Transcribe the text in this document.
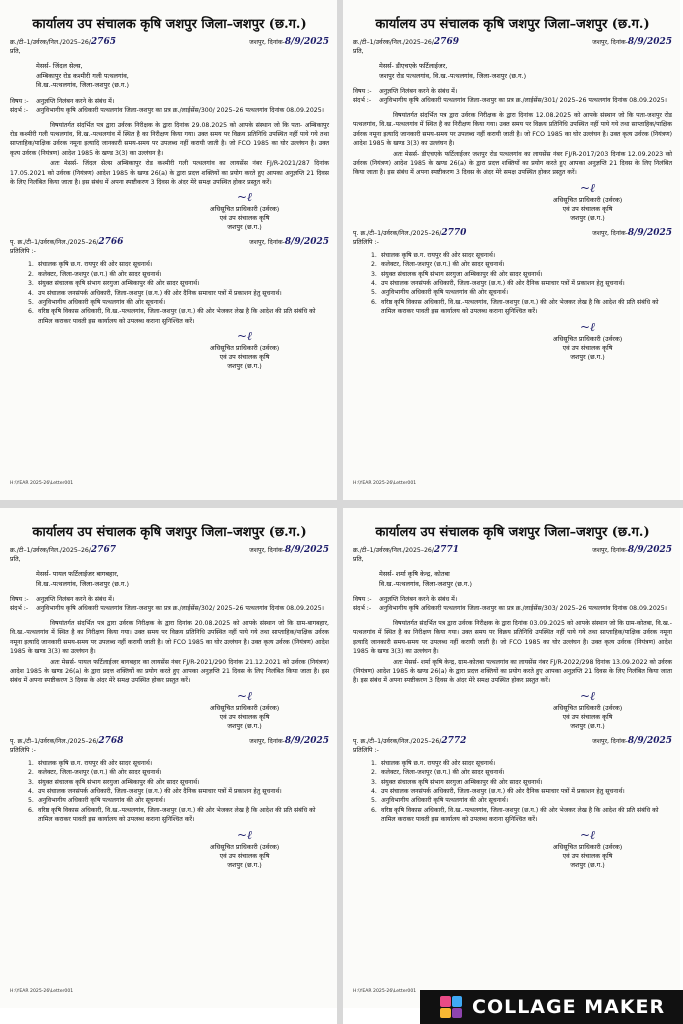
कार्यालय उप संचालक कृषि जशपुर जिला–जशपुर (छ.ग.)
क्र./टी–1/उर्वरक/निल./2025–26/2765	जशपुर, दिनांक-8/9/2025
प्रति,
मेसर्स- जिंदल सेल्स,
अम्बिकापुर रोड कश्मीरी गली पत्थलगांव,
वि.ख.-पत्थलगांव, जिला-जशपुर (छ.ग.)
विषय :-	अनुज्ञप्ति निलंबन करने के संबंध में।
संदर्भ :-	अनुविभागीय कृषि अधिकारी पत्थलगांव जिला-जशपुर का प्रत्र क्र./लाईसेंस/300/ 2025–26 पत्थलगांव दिनांक 08.09.2025।

विषयांतर्गत संदर्भित पत्र द्वारा उर्वरक निरीक्षक के द्वारा दिनांक 29.08.2025 को आपके संस्थान जो कि पता- अम्बिकापुर रोड कश्मीरी गली पत्थलगांव, वि.ख.-पत्थलगांव में स्थित है का निरीक्षण किया गया। उक्त समय पर विक्रय प्रतिनिधि उपस्थित नहीं पाये गये तथा साप्ताहिक/पाक्षिक उर्वरक नमूना इत्यादि जानकारी समय-समय पर उपलब्ध नहीं करायी जाती है। जो FCO 1985 का घोर उल्लंघन है। उक्त कृत्य उर्वरक (नियंत्रण) आदेश 1985 के खण्ड 3(3) का उल्लंघन है।

अतः मेसर्स- जिंदल सेल्स अम्बिकापुर रोड कश्मीरी गली पत्थलगांव का लायसेंस नंबर FJ/R-2021/287 दिनांक 17.05.2021 को उर्वरक (नियंत्रण) आदेश 1985 के खण्ड 26(a) के द्वारा प्रदत्त शक्तियों का प्रयोग करते हुए आपका अनुज्ञप्ति 21 दिवस के लिए निलंबित किया जाता है। इस संबंध में अपना स्पष्टीकरण 3 दिवस के अंदर मेरे समक्ष उपस्थित होकर प्रस्तुत करें।

~ℓ
अधिसूचित प्राधिकारी (उर्वरक)
एवं उप संचालक कृषि
जशपुर (छ.ग.)
पृ. क्र./टी–1/उर्वरक/निल./2025–26/2766	जशपुर, दिनांक-8/9/2025
प्रतिलिपि :-
1. संचालक कृषि छ.ग. रायपुर की ओर सादर सूचनार्थ।
2. कलेक्टर, जिला-जशपुर (छ.ग.) की ओर सादर सूचनार्थ।
3. संयुक्त संचालक कृषि संभाग सरगुजा अम्बिकापुर की ओर सादर सूचनार्थ।
4. उप संचालक जनसंपर्क अधिकारी, जिला-जशपुर (छ.ग.) की ओर दैनिक समाचार पत्रों में प्रकाशन हेतु सूचनार्थ।
5. अनुविभागीय अधिकारी कृषि पत्थलगांव की ओर सूचनार्थ।
6. वरिष्ठ कृषि विकास अधिकारी, वि.ख.-पत्थलगांव, जिला-जशपुर (छ.ग.) की ओर भेजकर लेख है कि आदेश की प्रति संबंधि को तामिल कराकर पावती इस कार्यालय को उपलब्ध कराना सुनिश्चित करें।
~ℓ
अधिसूचित प्राधिकारी (उर्वरक)
एवं उप संचालक कृषि
जशपुर (छ.ग.)
H:\YEAR 2025-26\Letter001
कार्यालय उप संचालक कृषि जशपुर जिला–जशपुर (छ.ग.)
क्र./टी–1/उर्वरक/निल./2025–26/2769	जशपुर, दिनांक-8/9/2025
प्रति,
मेसर्स- डीएचएके फर्टिलाईजर,
जशपुर रोड पत्थलगांव, वि.ख.-पत्थलगांव, जिला-जशपुर (छ.ग.)
विषय :-	अनुज्ञप्ति निलंबन करने के संबंध में।
संदर्भ :-	अनुविभागीय कृषि अधिकारी पत्थलगांव जिला-जशपुर का प्रत्र क्र./लाईसेंस/301/ 2025–26 पत्थलगांव दिनांक 08.09.2025।

विषयांतर्गत संदर्भित पत्र द्वारा उर्वरक निरीक्षक के द्वारा दिनांक 12.08.2025 को आपके संस्थान जो कि पता-जशपुर रोड पत्थलगांव, वि.ख.-पत्थलगांव में स्थित है का निरीक्षण किया गया। उक्त समय पर विक्रय प्रतिनिधि उपस्थित नहीं पाये गये तथा साप्ताहिक/पाक्षिक उर्वरक नमूना इत्यादि जानकारी समय-समय पर उपलब्ध नहीं करायी जाती है। जो FCO 1985 का घोर उल्लंघन है। उक्त कृत्य उर्वरक (नियंत्रण) आदेश 1985 के खण्ड 3(3) का उल्लंघन है।

अतः मेसर्स- डीएचएके फर्टिलाईजर जशपुर रोड पत्थलगांव का लायसेंस नंबर FJ/R-2017/203 दिनांक 12.09.2023 को उर्वरक (नियंत्रण) आदेश 1985 के खण्ड 26(a) के द्वारा प्रदत्त शक्तियों का प्रयोग करते हुए आपका अनुज्ञप्ति 21 दिवस के लिए निलंबित किया जाता है। इस संबंध में अपना स्पष्टीकरण 3 दिवस के अंदर मेरे समक्ष उपस्थित होकर प्रस्तुत करें।

~ℓ
अधिसूचित प्राधिकारी (उर्वरक)
एवं उप संचालक कृषि
जशपुर (छ.ग.)
पृ. क्र./टी–1/उर्वरक/निल./2025–26/2770	जशपुर, दिनांक-8/9/2025
प्रतिलिपि :-
1. संचालक कृषि छ.ग. रायपुर की ओर सादर सूचनार्थ।
2. कलेक्टर, जिला-जशपुर (छ.ग.) की ओर सादर सूचनार्थ।
3. संयुक्त संचालक कृषि संभाग सरगुजा अम्बिकापुर की ओर सादर सूचनार्थ।
4. उप संचालक जनसंपर्क अधिकारी, जिला-जशपुर (छ.ग.) की ओर दैनिक समाचार पत्रों में प्रकाशन हेतु सूचनार्थ।
5. अनुविभागीय अधिकारी कृषि पत्थलगांव की ओर सूचनार्थ।
6. वरिष्ठ कृषि विकास अधिकारी, वि.ख.-पत्थलगांव, जिला-जशपुर (छ.ग.) की ओर भेजकर लेख है कि आदेश की प्रति संबंधि को तामिल कराकर पावती इस कार्यालय को उपलब्ध कराना सुनिश्चित करें।
~ℓ
अधिसूचित प्राधिकारी (उर्वरक)
एवं उप संचालक कृषि
जशपुर (छ.ग.)
H:\YEAR 2025-26\Letter001
कार्यालय उप संचालक कृषि जशपुर जिला–जशपुर (छ.ग.)
क्र./टी–1/उर्वरक/निल./2025–26/2767	जशपुर, दिनांक-8/9/2025
प्रति,
मेसर्स- पायल फर्टिलाईजर बागबहार,
वि.ख.-पत्थलगांव, जिला-जशपुर (छ.ग.)
विषय :-	अनुज्ञप्ति निलंबन करने के संबंध में।
संदर्भ :-	अनुविभागीय कृषि अधिकारी पत्थलगांव जिला-जशपुर का प्रत्र क्र./लाईसेंस/302/ 2025–26 पत्थलगांव दिनांक 08.09.2025।

विषयांतर्गत संदर्भित पत्र द्वारा उर्वरक निरीक्षक के द्वारा दिनांक 20.08.2025 को आपके संस्थान जो कि ग्राम-बागबहार, वि.ख.-पत्थलगांव में स्थित है का निरीक्षण किया गया। उक्त समय पर विक्रय प्रतिनिधि उपस्थित नहीं पाये गये तथा साप्ताहिक/पाक्षिक उर्वरक नमूना इत्यादि जानकारी समय-समय पर उपलब्ध नहीं करायी जाती है। जो FCO 1985 का घोर उल्लंघन है। उक्त कृत्य उर्वरक (नियंत्रण) आदेश 1985 के खण्ड 3(3) का उल्लंघन है।

अतः मेसर्स- पायल फर्टिलाईजर बागबहार का लायसेंस नंबर FJ/R-2021/290 दिनांक 21.12.2021 को उर्वरक (नियंत्रण) आदेश 1985 के खण्ड 26(a) के द्वारा प्रदत्त शक्तियों का प्रयोग करते हुए आपका अनुज्ञप्ति 21 दिवस के लिए निलंबित किया जाता है। इस संबंध में अपना स्पष्टीकरण 3 दिवस के अंदर मेरे समक्ष उपस्थित होकर प्रस्तुत करें।

~ℓ
अधिसूचित प्राधिकारी (उर्वरक)
एवं उप संचालक कृषि
जशपुर (छ.ग.)
पृ. क्र./टी–1/उर्वरक/निल./2025–26/2768	जशपुर, दिनांक-8/9/2025
प्रतिलिपि :-
1. संचालक कृषि छ.ग. रायपुर की ओर सादर सूचनार्थ।
2. कलेक्टर, जिला-जशपुर (छ.ग.) की ओर सादर सूचनार्थ।
3. संयुक्त संचालक कृषि संभाग सरगुजा अम्बिकापुर की ओर सादर सूचनार्थ।
4. उप संचालक जनसंपर्क अधिकारी, जिला-जशपुर (छ.ग.) की ओर दैनिक समाचार पत्रों में प्रकाशन हेतु सूचनार्थ।
5. अनुविभागीय अधिकारी कृषि पत्थलगांव की ओर सूचनार्थ।
6. वरिष्ठ कृषि विकास अधिकारी, वि.ख.-पत्थलगांव, जिला-जशपुर (छ.ग.) की ओर भेजकर लेख है कि आदेश की प्रति संबंधि को तामिल कराकर पावती इस कार्यालय को उपलब्ध कराना सुनिश्चित करें।
~ℓ
अधिसूचित प्राधिकारी (उर्वरक)
एवं उप संचालक कृषि
जशपुर (छ.ग.)
H:\YEAR 2025-26\Letter001
कार्यालय उप संचालक कृषि जशपुर जिला–जशपुर (छ.ग.)
क्र./टी–1/उर्वरक/निल./2025–26/2771	जशपुर, दिनांक-8/9/2025
प्रति,
मेसर्स- शर्मा कृषि केन्द्र, कोतबा
वि.ख.-पत्थलगांव, जिला-जशपुर (छ.ग.)
विषय :-	अनुज्ञप्ति निलंबन करने के संबंध में।
संदर्भ :-	अनुविभागीय कृषि अधिकारी पत्थलगांव जिला-जशपुर का प्रत्र क्र./लाईसेंस/303/ 2025–26 पत्थलगांव दिनांक 08.09.2025।

विषयांतर्गत संदर्भित पत्र द्वारा उर्वरक निरीक्षक के द्वारा दिनांक 03.09.2025 को आपके संस्थान जो कि ग्राम-कोतबा, वि.ख.-पत्थलगांव में स्थित है का निरीक्षण किया गया। उक्त समय पर विक्रय प्रतिनिधि उपस्थित नहीं पाये गये तथा साप्ताहिक/पाक्षिक उर्वरक नमूना इत्यादि जानकारी समय-समय पर उपलब्ध नहीं करायी जाती है। जो FCO 1985 का घोर उल्लंघन है। उक्त कृत्य उर्वरक (नियंत्रण) आदेश 1985 के खण्ड 3(3) का उल्लंघन है।

अतः मेसर्स- शर्मा कृषि केन्द्र, ग्राम-कोतबा पत्थलगांव का लायसेंस नंबर FJ/R-2022/298 दिनांक 13.09.2022 को उर्वरक (नियंत्रण) आदेश 1985 के खण्ड 26(a) के द्वारा प्रदत्त शक्तियों का प्रयोग करते हुए आपका अनुज्ञप्ति 21 दिवस के लिए निलंबित किया जाता है। इस संबंध में अपना स्पष्टीकरण 3 दिवस के अंदर मेरे समक्ष उपस्थित होकर प्रस्तुत करें।

~ℓ
अधिसूचित प्राधिकारी (उर्वरक)
एवं उप संचालक कृषि
जशपुर (छ.ग.)
पृ. क्र./टी–1/उर्वरक/निल./2025–26/2772	जशपुर, दिनांक-8/9/2025
प्रतिलिपि :-
1. संचालक कृषि छ.ग. रायपुर की ओर सादर सूचनार्थ।
2. कलेक्टर, जिला-जशपुर (छ.ग.) की ओर सादर सूचनार्थ।
3. संयुक्त संचालक कृषि संभाग सरगुजा अम्बिकापुर की ओर सादर सूचनार्थ।
4. उप संचालक जनसंपर्क अधिकारी, जिला-जशपुर (छ.ग.) की ओर दैनिक समाचार पत्रों में प्रकाशन हेतु सूचनार्थ।
5. अनुविभागीय अधिकारी कृषि पत्थलगांव की ओर सूचनार्थ।
6. वरिष्ठ कृषि विकास अधिकारी, वि.ख.-पत्थलगांव, जिला-जशपुर (छ.ग.) की ओर भेजकर लेख है कि आदेश की प्रति संबंधि को तामिल कराकर पावती इस कार्यालय को उपलब्ध कराना सुनिश्चित करें।
~ℓ
अधिसूचित प्राधिकारी (उर्वरक)
एवं उप संचालक कृषि
जशपुर (छ.ग.)
H:\YEAR 2025-26\Letter001
COLLAGE MAKER
